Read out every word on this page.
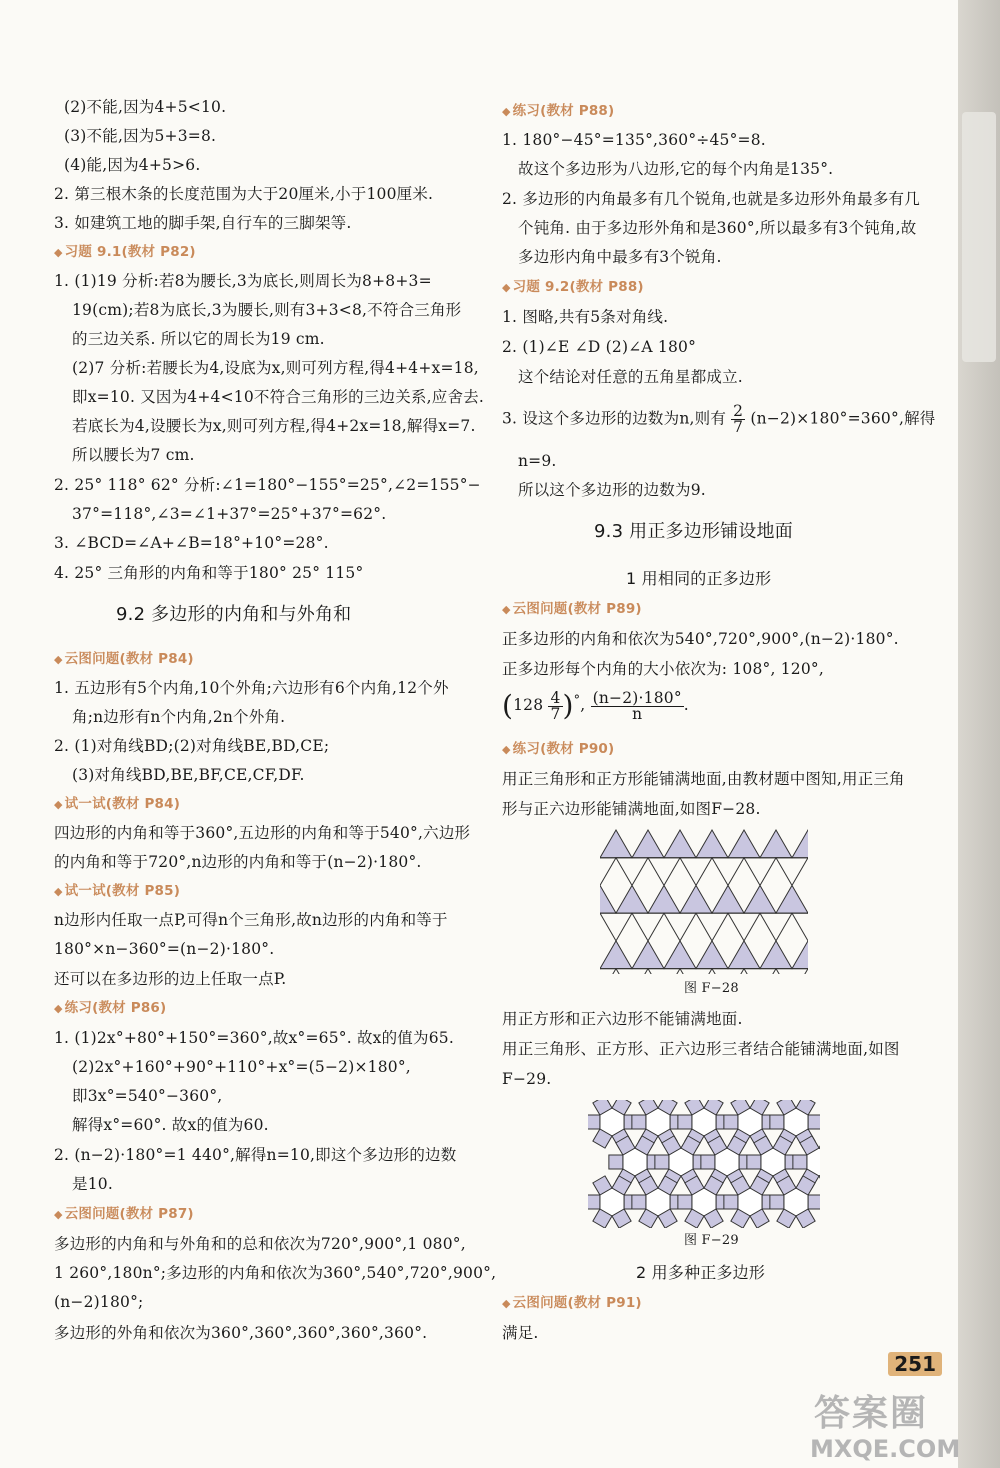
(2)不能,因为4+5<10.
(3)不能,因为5+3=8.
(4)能,因为4+5>6.
2. 第三根木条的长度范围为大于20厘米,小于100厘米.
3. 如建筑工地的脚手架,自行车的三脚架等.
◆ 习题 9.1(教材 P82)
1. (1)19 分析:若8为腰长,3为底长,则周长为8+8+3=
19(cm);若8为底长,3为腰长,则有3+3<8,不符合三角形
的三边关系. 所以它的周长为19 cm.
(2)7 分析:若腰长为4,设底为x,则可列方程,得4+4+x=18,
即x=10. 又因为4+4<10不符合三角形的三边关系,应舍去.
若底长为4,设腰长为x,则可列方程,得4+2x=18,解得x=7.
所以腰长为7 cm.
2. 25° 118° 62° 分析:∠1=180°−155°=25°,∠2=155°−
37°=118°,∠3=∠1+37°=25°+37°=62°.
3. ∠BCD=∠A+∠B=18°+10°=28°.
4. 25° 三角形的内角和等于180° 25° 115°
9.2 多边形的内角和与外角和
◆ 云图问题(教材 P84)
1. 五边形有5个内角,10个外角;六边形有6个内角,12个外
角;n边形有n个内角,2n个外角.
2. (1)对角线BD;(2)对角线BE,BD,CE;
(3)对角线BD,BE,BF,CE,CF,DF.
◆ 试一试(教材 P84)
四边形的内角和等于360°,五边形的内角和等于540°,六边形
的内角和等于720°,n边形的内角和等于(n−2)·180°.
◆ 试一试(教材 P85)
n边形内任取一点P,可得n个三角形,故n边形的内角和等于
180°×n−360°=(n−2)·180°.
还可以在多边形的边上任取一点P.
◆ 练习(教材 P86)
1. (1)2x°+80°+150°=360°,故x°=65°. 故x的值为65.
(2)2x°+160°+90°+110°+x°=(5−2)×180°,
即3x°=540°−360°,
解得x°=60°. 故x的值为60.
2. (n−2)·180°=1 440°,解得n=10,即这个多边形的边数
是10.
◆ 云图问题(教材 P87)
多边形的内角和与外角和的总和依次为720°,900°,1 080°,
1 260°,180n°;多边形的内角和依次为360°,540°,720°,900°,
(n−2)180°;
多边形的外角和依次为360°,360°,360°,360°,360°.
◆ 练习(教材 P88)
1. 180°−45°=135°,360°÷45°=8.
故这个多边形为八边形,它的每个内角是135°.
2. 多边形的内角最多有几个锐角,也就是多边形外角最多有几
个钝角. 由于多边形外角和是360°,所以最多有3个钝角,故
多边形内角中最多有3个锐角.
◆ 习题 9.2(教材 P88)
1. 图略,共有5条对角线.
2. (1)∠E ∠D (2)∠A 180°
这个结论对任意的五角星都成立.
3. 设这个多边形的边数为n,则有 $\frac{2}{7} (n-2)\times 180^\circ=360^\circ$,解得
n=9.
所以这个多边形的边数为9.
9.3 用正多边形铺设地面
1 用相同的正多边形
◆ 云图问题(教材 P89)
正多边形的内角和依次为540°,720°,900°,(n−2)·180°.
正多边形每个内角的大小依次为: 108°, 120°,
$(128 \frac{4}{7} )^\circ$, $\frac{(n-2)\cdot 180^\circ}{n}$ .
◆ 练习(教材 P90)
用正三角形和正方形能铺满地面,由教材题中图知,用正三角
形与正六边形能铺满地面,如图F−28.
图 F−28
用正方形和正六边形不能铺满地面.
用正三角形、正方形、正六边形三者结合能铺满地面,如图
F−29.
图 F−29
2 用多种正多边形
◆ 云图问题(教材 P91)
满足.
251
答案圈
MXQE.COM
